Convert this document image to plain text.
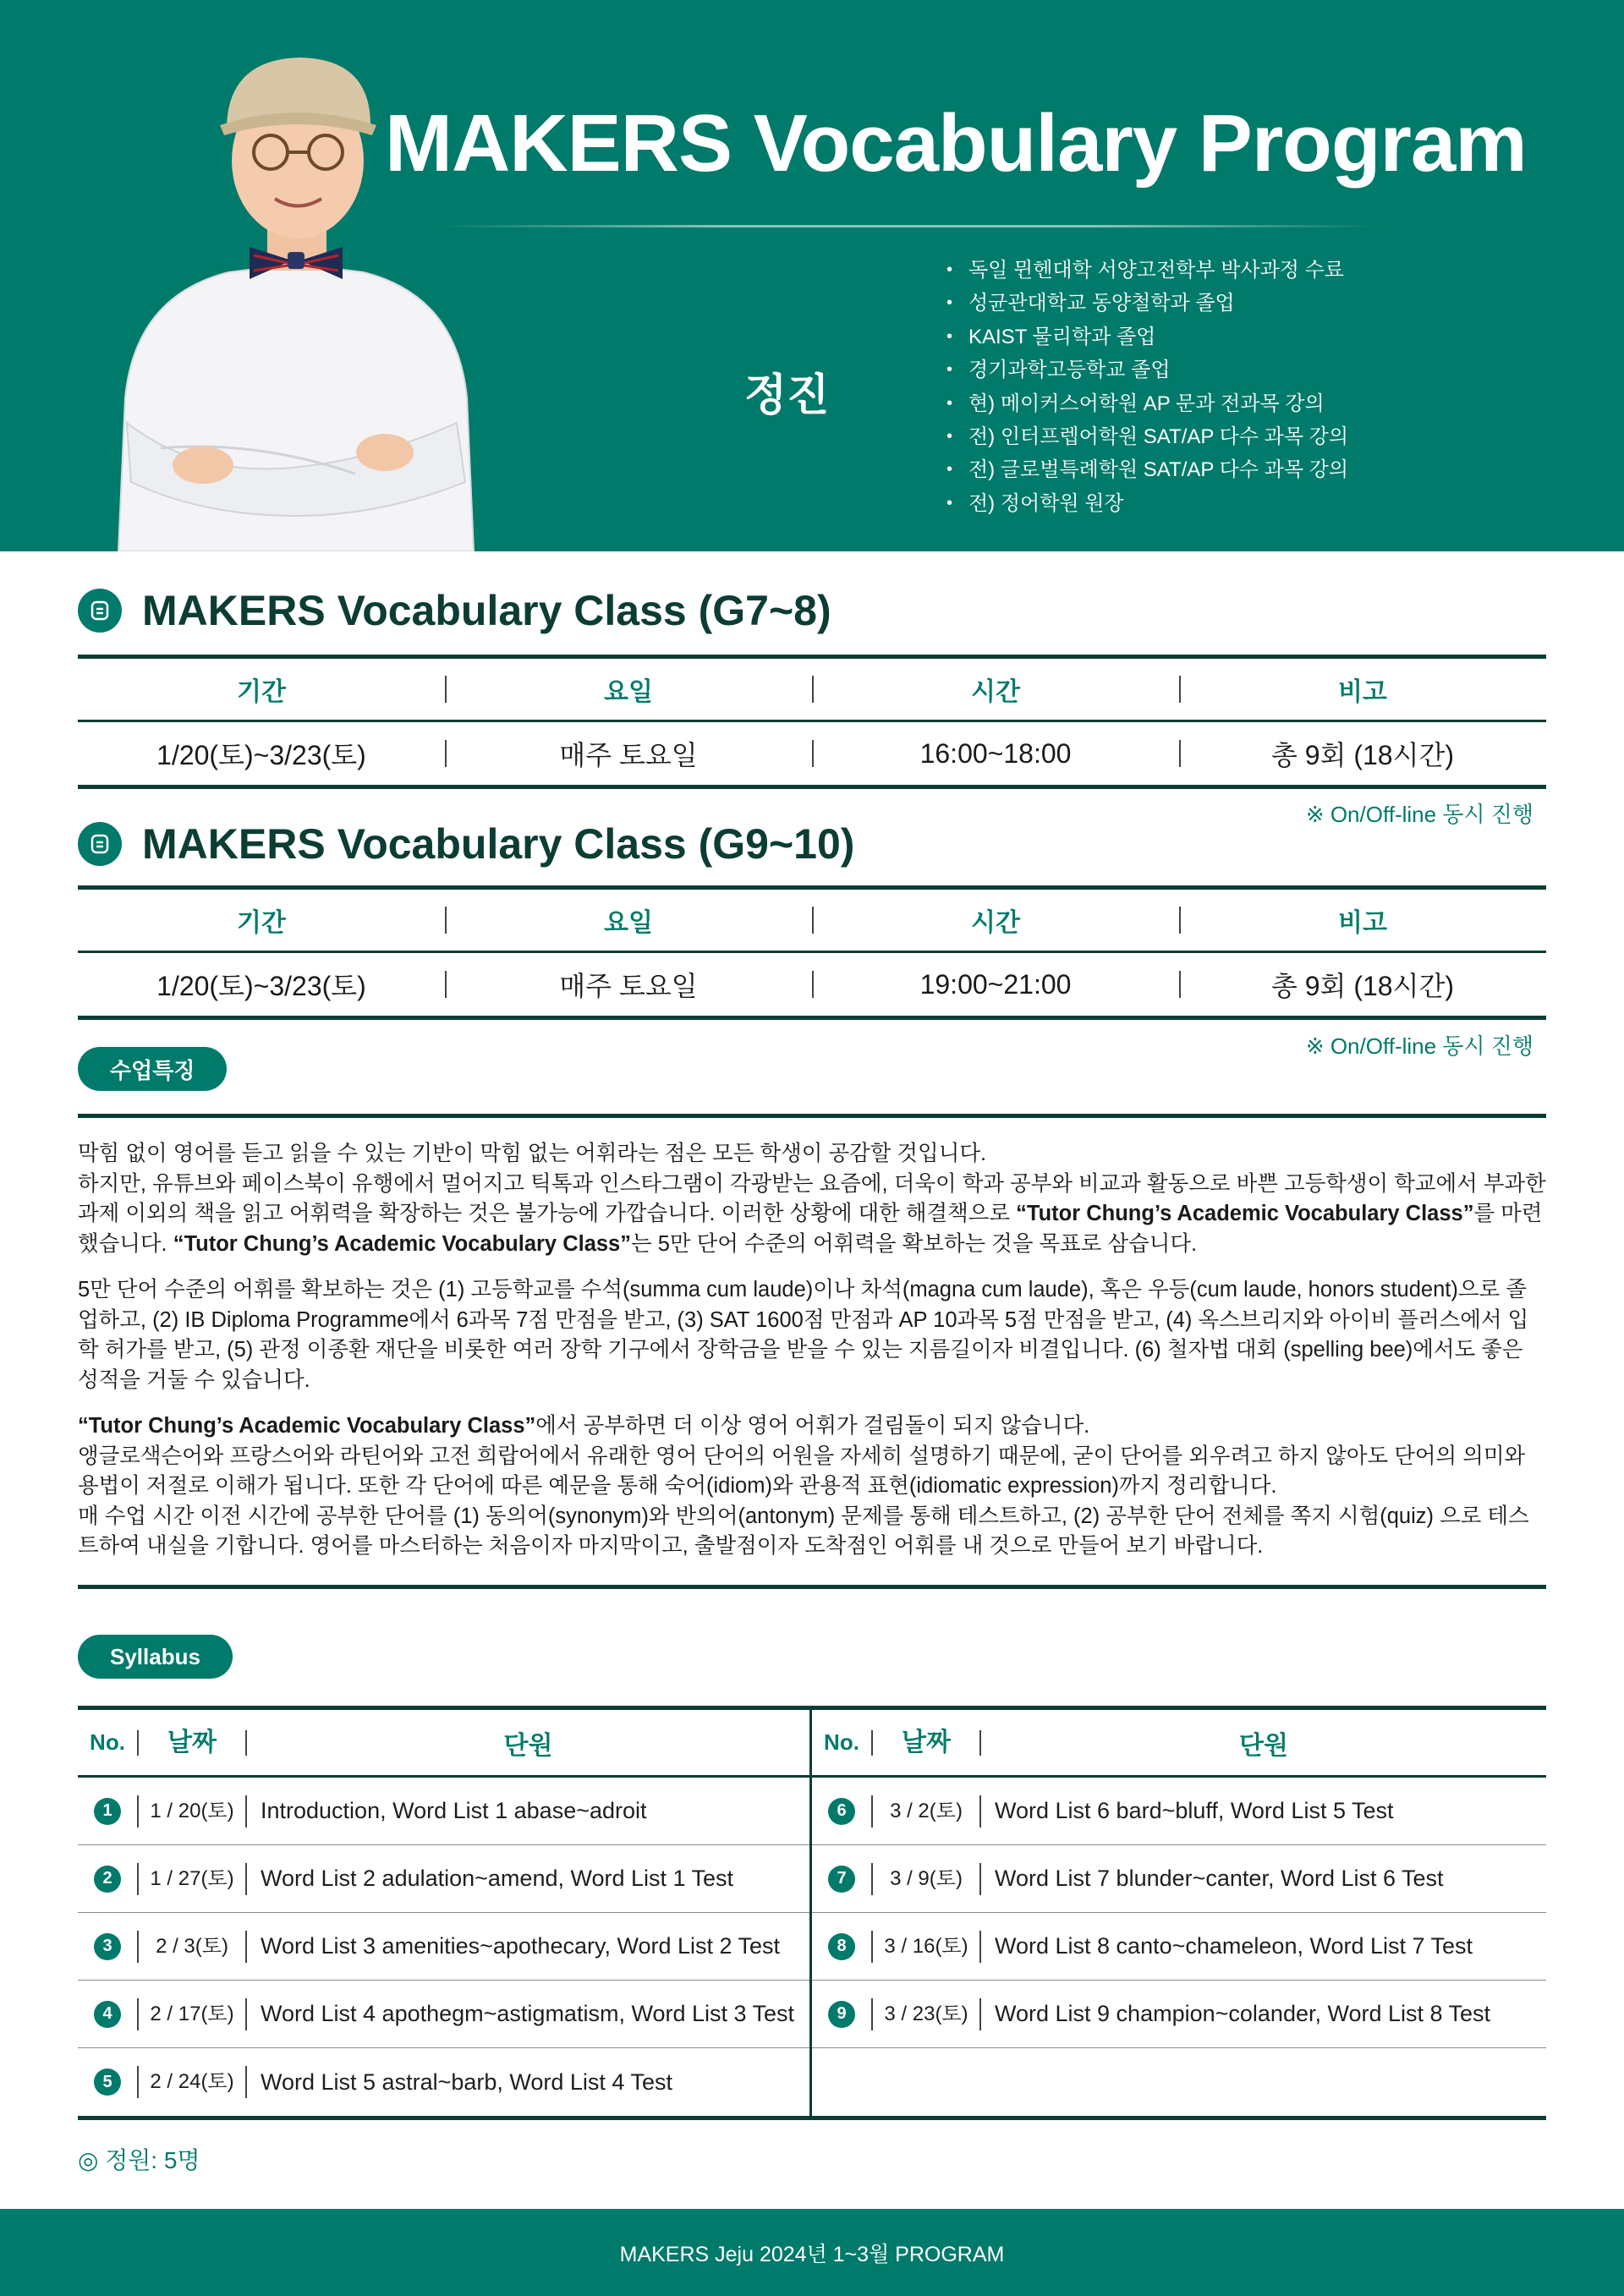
MAKERS Vocabulary Program
정진
• 독일 뮌헨대학 서양고전학부 박사과정 수료
• 성균관대학교 동양철학과 졸업
• KAIST 물리학과 졸업
• 경기과학고등학교 졸업
• 현) 메이커스어학원 AP 문과 전과목 강의
• 전) 인터프렙어학원 SAT/AP 다수 과목 강의
• 전) 글로벌특례학원 SAT/AP 다수 과목 강의
• 전) 정어학원 원장
MAKERS Vocabulary Class (G7~8)
기간	요일	시간	비고
1/20(토)~3/23(토)	매주 토요일	16:00~18:00	총 9회 (18시간)
※ On/Off-line 동시 진행
MAKERS Vocabulary Class (G9~10)
기간	요일	시간	비고
1/20(토)~3/23(토)	매주 토요일	19:00~21:00	총 9회 (18시간)
※ On/Off-line 동시 진행
수업특징

막힘 없이 영어를 듣고 읽을 수 있는 기반이 막힘 없는 어휘라는 점은 모든 학생이 공감할 것입니다.
하지만, 유튜브와 페이스북이 유행에서 멀어지고 틱톡과 인스타그램이 각광받는 요즘에, 더욱이 학과 공부와 비교과 활동으로 바쁜 고등학생이 학교에서 부과한 과제 이외의 책을 읽고 어휘력을 확장하는 것은 불가능에 가깝습니다. 이러한 상황에 대한 해결책으로 “Tutor Chung’s Academic Vocabulary Class”를 마련했습니다. “Tutor Chung’s Academic Vocabulary Class”는 5만 단어 수준의 어휘력을 확보하는 것을 목표로 삼습니다.

5만 단어 수준의 어휘를 확보하는 것은 (1) 고등학교를 수석(summa cum laude)이나 차석(magna cum laude), 혹은 우등(cum laude, honors student)으로 졸업하고, (2) IB Diploma Programme에서 6과목 7점 만점을 받고, (3) SAT 1600점 만점과 AP 10과목 5점 만점을 받고, (4) 옥스브리지와 아이비 플러스에서 입학 허가를 받고, (5) 관정 이종환 재단을 비롯한 여러 장학 기구에서 장학금을 받을 수 있는 지름길이자 비결입니다. (6) 철자법 대회 (spelling bee)에서도 좋은 성적을 거둘 수 있습니다.

“Tutor Chung’s Academic Vocabulary Class”에서 공부하면 더 이상 영어 어휘가 걸림돌이 되지 않습니다.
앵글로색슨어와 프랑스어와 라틴어와 고전 희랍어에서 유래한 영어 단어의 어원을 자세히 설명하기 때문에, 굳이 단어를 외우려고 하지 않아도 단어의 의미와 용법이 저절로 이해가 됩니다. 또한 각 단어에 따른 예문을 통해 숙어(idiom)와 관용적 표현(idiomatic expression)까지 정리합니다.
매 수업 시간 이전 시간에 공부한 단어를 (1) 동의어(synonym)와 반의어(antonym) 문제를 통해 테스트하고, (2) 공부한 단어 전체를 쪽지 시험(quiz) 으로 테스트하여 내실을 기합니다. 영어를 마스터하는 처음이자 마지막이고, 출발점이자 도착점인 어휘를 내 것으로 만들어 보기 바랍니다.

Syllabus
No.	날짜	단원
1	1 / 20(토)	Introduction, Word List 1 abase~adroit
2	1 / 27(토)	Word List 2 adulation~amend, Word List 1 Test
3	2 / 3(토)	Word List 3 amenities~apothecary, Word List 2 Test
4	2 / 17(토)	Word List 4 apothegm~astigmatism, Word List 3 Test
5	2 / 24(토)	Word List 5 astral~barb, Word List 4 Test
No.	날짜	단원
6	3 / 2(토)	Word List 6 bard~bluff, Word List 5 Test
7	3 / 9(토)	Word List 7 blunder~canter, Word List 6 Test
8	3 / 16(토)	Word List 8 canto~chameleon, Word List 7 Test
9	3 / 23(토)	Word List 9 champion~colander, Word List 8 Test
◎ 정원: 5명
MAKERS Jeju 2024년 1~3월 PROGRAM
